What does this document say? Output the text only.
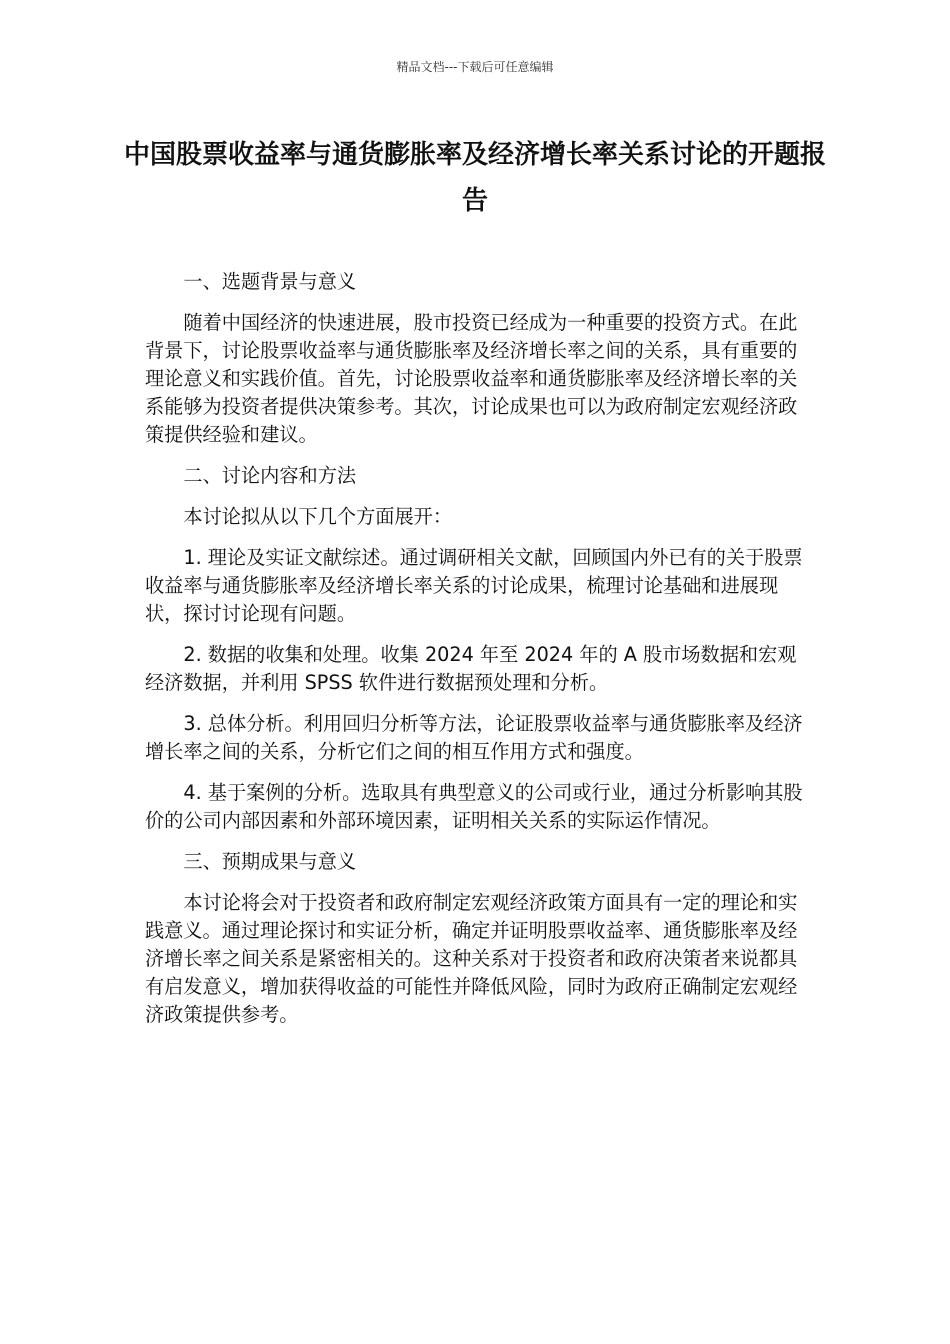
精品文档---下载后可任意编辑
中国股票收益率与通货膨胀率及经济增长率关系讨论的开题报告

一、选题背景与意义

随着中国经济的快速进展，股市投资已经成为一种重要的投资方式。在此背景下，讨论股票收益率与通货膨胀率及经济增长率之间的关系，具有重要的理论意义和实践价值。首先，讨论股票收益率和通货膨胀率及经济增长率的关系能够为投资者提供决策参考。其次，讨论成果也可以为政府制定宏观经济政策提供经验和建议。

二、讨论内容和方法

本讨论拟从以下几个方面展开：

1. 理论及实证文献综述。通过调研相关文献，回顾国内外已有的关于股票收益率与通货膨胀率及经济增长率关系的讨论成果，梳理讨论基础和进展现状，探讨讨论现有问题。

2. 数据的收集和处理。收集 2024 年至 2024 年的 A 股市场数据和宏观经济数据，并利用 SPSS 软件进行数据预处理和分析。

3. 总体分析。利用回归分析等方法，论证股票收益率与通货膨胀率及经济增长率之间的关系，分析它们之间的相互作用方式和强度。

4. 基于案例的分析。选取具有典型意义的公司或行业，通过分析影响其股价的公司内部因素和外部环境因素，证明相关关系的实际运作情况。

三、预期成果与意义

本讨论将会对于投资者和政府制定宏观经济政策方面具有一定的理论和实践意义。通过理论探讨和实证分析，确定并证明股票收益率、通货膨胀率及经济增长率之间关系是紧密相关的。这种关系对于投资者和政府决策者来说都具有启发意义，增加获得收益的可能性并降低风险，同时为政府正确制定宏观经济政策提供参考。
